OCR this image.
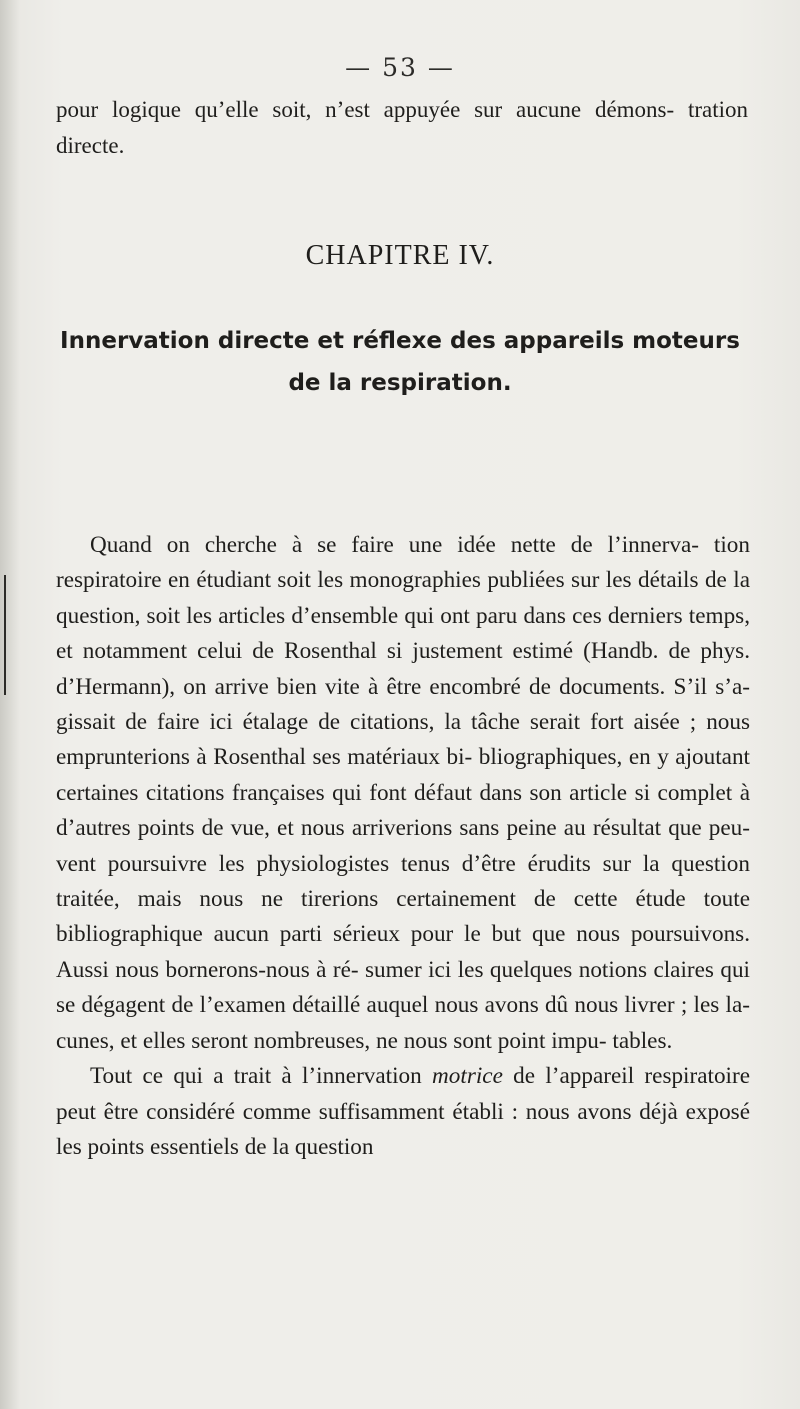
— 53 —
pour logique qu’elle soit, n’est appuyée sur aucune démons- tration directe.
CHAPITRE IV.
Innervation directe et réflexe des appareils moteurs de la respiration.

Quand on cherche à se faire une idée nette de l’innerva- tion respiratoire en étudiant soit les monographies publiées sur les détails de la question, soit les articles d’ensemble qui ont paru dans ces derniers temps, et notamment celui de Rosenthal si justement estimé (Handb. de phys. d’Hermann), on arrive bien vite à être encombré de documents. S’il s’a- gissait de faire ici étalage de citations, la tâche serait fort aisée ; nous emprunterions à Rosenthal ses matériaux bi- bliographiques, en y ajoutant certaines citations françaises qui font défaut dans son article si complet à d’autres points de vue, et nous arriverions sans peine au résultat que peu- vent poursuivre les physiologistes tenus d’être érudits sur la question traitée, mais nous ne tirerions certainement de cette étude toute bibliographique aucun parti sérieux pour le but que nous poursuivons. Aussi nous bornerons-nous à ré- sumer ici les quelques notions claires qui se dégagent de l’examen détaillé auquel nous avons dû nous livrer ; les la- cunes, et elles seront nombreuses, ne nous sont point impu- tables.

Tout ce qui a trait à l’innervation motrice de l’appareil respiratoire peut être considéré comme suffisamment établi : nous avons déjà exposé les points essentiels de la question
